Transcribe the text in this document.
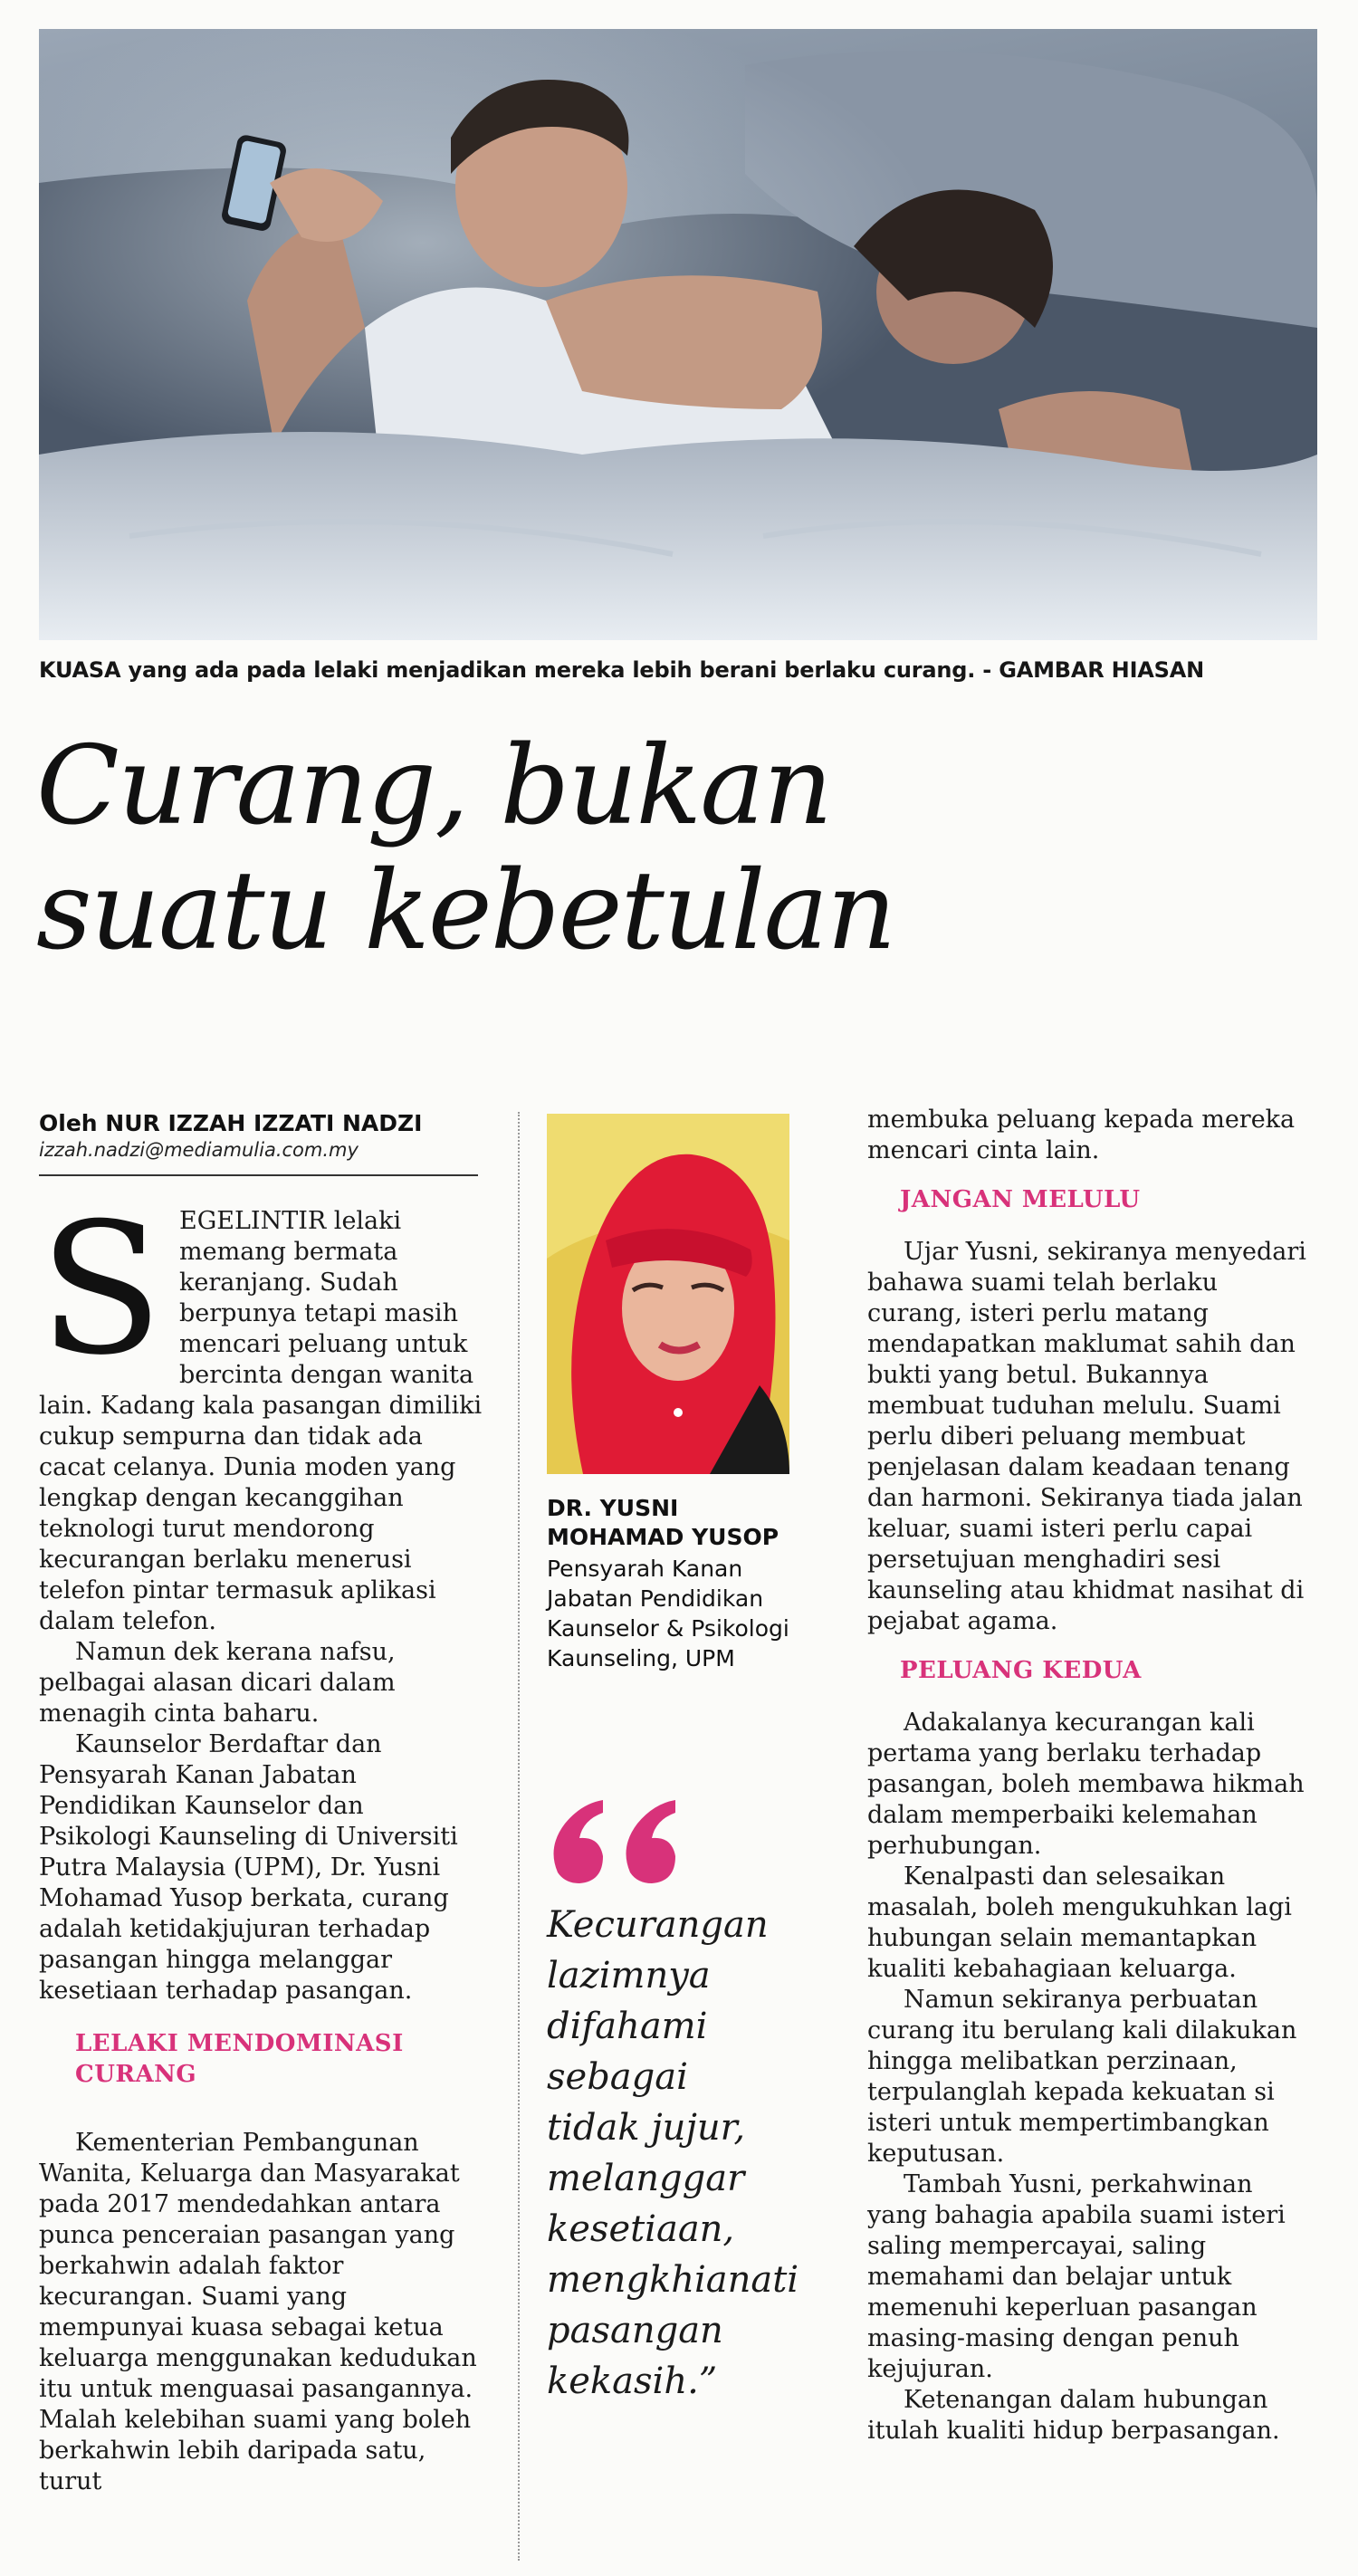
KUASA yang ada pada lelaki menjadikan mereka lebih berani berlaku curang. - GAMBAR HIASAN
Curang, bukan
suatu kebetulan
Oleh NUR IZZAH IZZATI NADZI
izzah.nadzi@mediamulia.com.my

SEGELINTIR lelaki memang bermata keranjang. Sudah berpunya tetapi masih mencari peluang untuk bercinta dengan wanita lain. Kadang kala pasangan dimiliki cukup sempurna dan tidak ada cacat celanya. Dunia moden yang lengkap dengan kecanggihan teknologi turut mendorong kecurangan berlaku menerusi telefon pintar termasuk aplikasi dalam telefon.

Namun dek kerana nafsu, pelbagai alasan dicari dalam menagih cinta baharu.

Kaunselor Berdaftar dan Pensyarah Kanan Jabatan Pendidikan Kaunselor dan Psikologi Kaunseling di Universiti Putra Malaysia (UPM), Dr. Yusni Mohamad Yusop berkata, curang adalah ketidakjujuran terhadap pasangan hingga melanggar kesetiaan terhadap pasangan.

LELAKI MENDOMINASI CURANG

Kementerian Pembangunan Wanita, Keluarga dan Masyarakat pada 2017 mendedahkan antara punca penceraian pasangan yang berkahwin adalah faktor kecurangan. Suami yang mempunyai kuasa sebagai ketua keluarga menggunakan kedudukan itu untuk menguasai pasangannya. Malah kelebihan suami yang boleh berkahwin lebih daripada satu, turut

DR. YUSNI
MOHAMAD YUSOP
Pensyarah Kanan
Jabatan Pendidikan
Kaunselor & Psikologi
Kaunseling, UPM
Kecurangan
lazimnya
difahami
sebagai
tidak jujur,
melanggar
kesetiaan,
mengkhianati
pasangan
kekasih.”

membuka peluang kepada mereka mencari cinta lain.

JANGAN MELULU

Ujar Yusni, sekiranya menyedari bahawa suami telah berlaku curang, isteri perlu matang mendapatkan maklumat sahih dan bukti yang betul. Bukannya membuat tuduhan melulu. Suami perlu diberi peluang membuat penjelasan dalam keadaan tenang dan harmoni. Sekiranya tiada jalan keluar, suami isteri perlu capai persetujuan menghadiri sesi kaunseling atau khidmat nasihat di pejabat agama.

PELUANG KEDUA

Adakalanya kecurangan kali pertama yang berlaku terhadap pasangan, boleh membawa hikmah dalam memperbaiki kelemahan perhubungan.

Kenalpasti dan selesaikan masalah, boleh mengukuhkan lagi hubungan selain memantapkan kualiti kebahagiaan keluarga.

Namun sekiranya perbuatan curang itu berulang kali dilakukan hingga melibatkan perzinaan, terpulanglah kepada kekuatan si isteri untuk mempertimbangkan keputusan.

Tambah Yusni, perkahwinan yang bahagia apabila suami isteri saling mempercayai, saling memahami dan belajar untuk memenuhi keperluan pasangan masing-masing dengan penuh kejujuran.

Ketenangan dalam hubungan itulah kualiti hidup berpasangan.
